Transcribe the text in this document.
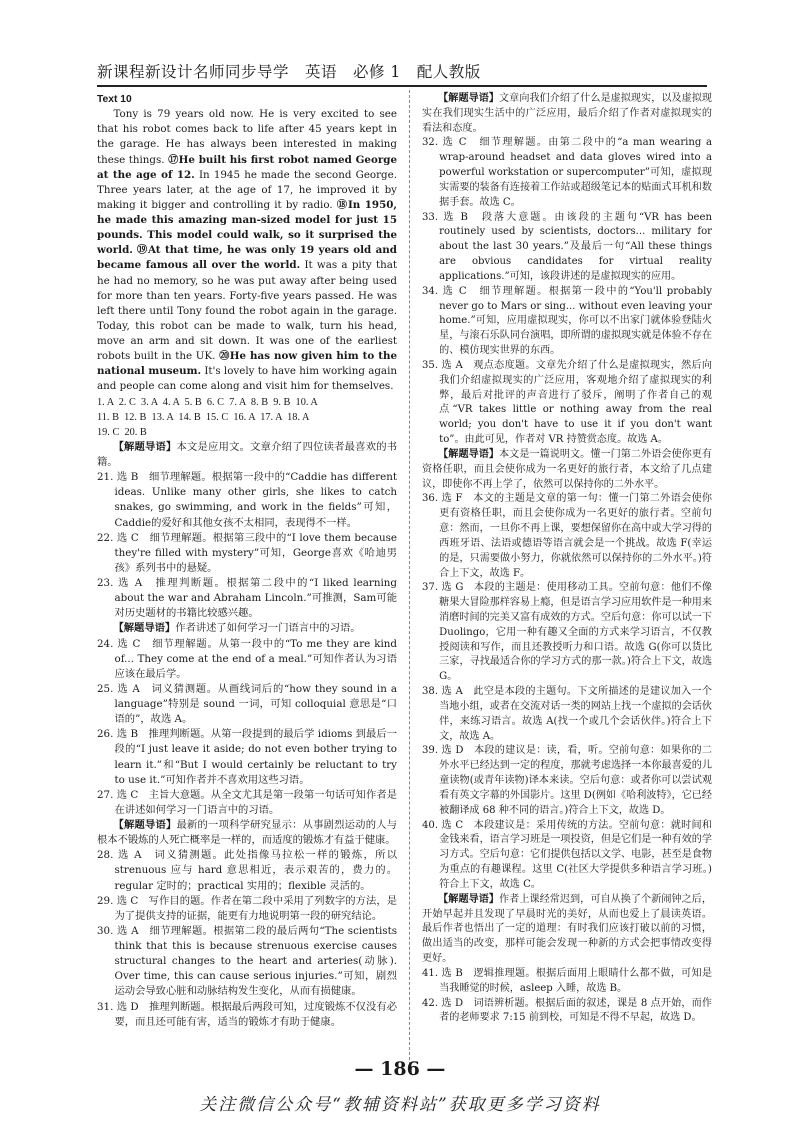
新课程新设计名师同步导学　英语　必修 1　配人教版

Text 10

Tony is 79 years old now. He is very excited to see that his robot comes back to life after 45 years kept in the garage. He has always been interested in making these things. ⑰He built his first robot named George at the age of 12. In 1945 he made the second George. Three years later, at the age of 17, he improved it by making it bigger and controlling it by radio. ⑱In 1950, he made this amazing man-sized model for just 15 pounds. This model could walk, so it surprised the world. ⑲At that time, he was only 19 years old and became famous all over the world. It was a pity that he had no memory, so he was put away after being used for more than ten years. Forty-five years passed. He was left there until Tony found the robot again in the garage. Today, this robot can be made to walk, turn his head, move an arm and sit down. It was one of the earliest robots built in the UK. ⑳He has now given him to the national museum. It's lovely to have him working again and people can come along and visit him for themselves.

1. A  2. C  3. A  4. A  5. B  6. C  7. A  8. B  9. B  10. A

11. B  12. B  13. A  14. B  15. C  16. A  17. A  18. A

19. C  20. B

【解题导语】本文是应用文。文章介绍了四位读者最喜欢的书籍。

21. 选 B　细节理解题。根据第一段中的“Caddie has different ideas. Unlike many other girls, she likes to catch snakes, go swimming, and work in the fields”可知，Caddie的爱好和其他女孩不太相同，表现得不一样。

22. 选 C　细节理解题。根据第三段中的“I love them because they're filled with mystery”可知，George喜欢《哈迪男孩》系列书中的悬疑。

23. 选 A　推理判断题。根据第二段中的“I liked learning about the war and Abraham Lincoln.”可推测，Sam可能对历史题材的书籍比较感兴趣。

【解题导语】作者讲述了如何学习一门语言中的习语。

24. 选 C　细节理解题。从第一段中的“To me they are kind of... They come at the end of a meal.”可知作者认为习语应该在最后学。

25. 选 A　词义猜测题。从画线词后的“how they sound in a language”特别是 sound 一词，可知 colloquial 意思是“口语的”，故选 A。

26. 选 B　推理判断题。从第一段提到的最后学 idioms 到最后一段的“I just leave it aside; do not even bother trying to learn it.”和“But I would certainly be reluctant to try to use it.”可知作者并不喜欢用这些习语。

27. 选 C　主旨大意题。从全文尤其是第一段第一句话可知作者是在讲述如何学习一门语言中的习语。

【解题导语】最新的一项科学研究显示：从事剧烈运动的人与根本不锻炼的人死亡概率是一样的，而适度的锻炼才有益于健康。

28. 选 A　词义猜测题。此处指像马拉松一样的锻炼，所以 strenuous 应与 hard 意思相近，表示艰苦的，费力的。regular 定时的；practical 实用的；flexible 灵活的。

29. 选 C　写作目的题。作者在第二段中采用了列数字的方法，是为了提供支持的证据，能更有力地说明第一段的研究结论。

30. 选 A　细节理解题。根据第二段的最后两句“The scientists think that this is because strenuous exercise causes structural changes to the heart and arteries(动脉). Over time, this can cause serious injuries.”可知，剧烈运动会导致心脏和动脉结构发生变化，从而有损健康。

31. 选 D　推理判断题。根据最后两段可知，过度锻炼不仅没有必要，而且还可能有害，适当的锻炼才有助于健康。

【解题导语】文章向我们介绍了什么是虚拟现实，以及虚拟现实在我们现实生活中的广泛应用，最后介绍了作者对虚拟现实的看法和态度。

32. 选 C　细节理解题。由第二段中的“a man wearing a wrap-around headset and data gloves wired into a powerful workstation or supercomputer”可知，虚拟现实需要的装备有连接着工作站或超级笔记本的贴面式耳机和数据手套。故选 C。

33. 选 B　段落大意题。由该段的主题句“VR has been routinely used by scientists, doctors... military for about the last 30 years.”及最后一句“All these things are obvious candidates for virtual reality applications.”可知，该段讲述的是虚拟现实的应用。

34. 选 C　细节理解题。根据第一段中的“You'll probably never go to Mars or sing... without even leaving your home.”可知，应用虚拟现实，你可以不出家门就体验登陆火星，与滚石乐队同台演唱，即所谓的虚拟现实就是体验不存在的、模仿现实世界的东西。

35. 选 A　观点态度题。文章先介绍了什么是虚拟现实，然后向我们介绍虚拟现实的广泛应用，客观地介绍了虚拟现实的利弊，最后对批评的声音进行了驳斥，阐明了作者自己的观点“VR takes little or nothing away from the real world; you don't have to use it if you don't want to”。由此可见，作者对 VR 持赞赏态度。故选 A。

【解题导语】本文是一篇说明文。懂一门第二外语会使你更有资格任职，而且会使你成为一名更好的旅行者，本文给了几点建议，即使你不再上学了，依然可以保持你的二外水平。

36. 选 F　本文的主题是文章的第一句：懂一门第二外语会使你更有资格任职，而且会使你成为一名更好的旅行者。空前句意：然而，一旦你不再上课，要想保留你在高中或大学习得的西班牙语、法语或德语等语言就会是一个挑战。故选 F(幸运的是，只需要做小努力，你就依然可以保持你的二外水平。)符合上下文，故选 F。

37. 选 G　本段的主题是：使用移动工具。空前句意：他们不像糖果大冒险那样容易上瘾，但是语言学习应用软件是一种用来消磨时间的完美又富有成效的方式。空后句意：你可以试一下 Duolingo，它用一种有趣又全面的方式来学习语言，不仅教授阅读和写作，而且还教授听力和口语。故选 G(你可以货比三家，寻找最适合你的学习方式的那一款。)符合上下文，故选 G。

38. 选 A　此空是本段的主题句。下文所描述的是建议加入一个当地小组，或者在交流对话一类的网站上找一个虚拟的会话伙伴，来练习语言。故选 A(找一个或几个会话伙伴。)符合上下文，故选 A。

39. 选 D　本段的建议是：读，看，听。空前句意：如果你的二外水平已经达到一定的程度，那就考虑选择一本你最喜爱的儿童读物(或青年读物)译本来读。空后句意：或者你可以尝试观看有英文字幕的外国影片。这里 D(例如《哈利波特》，它已经被翻译成 68 种不同的语言。)符合上下文，故选 D。

40. 选 C　本段建议是：采用传统的方法。空前句意：就时间和金钱来看，语言学习班是一项投资，但是它们是一种有效的学习方式。空后句意：它们提供包括以文学、电影，甚至是食物为重点的有趣课程。这里 C(社区大学提供多种语言学习班。)符合上下文，故选 C。

【解题导语】作者上课经常迟到，可自从换了个新闹钟之后，开始早起并且发现了早晨时光的美好，从而也爱上了晨读英语。最后作者也悟出了一定的道理：有时我们应该打破以前的习惯，做出适当的改变，那样可能会发现一种新的方式会把事情改变得更好。

41. 选 B　逻辑推理题。根据后面用上眼睛什么都不做，可知是当我睡觉的时候，asleep 入睡，故选 B。

42. 选 D　词语辨析题。根据后面的叙述，课是 8 点开始，而作者的老师要求 7:15 前到校，可知是不得不早起，故选 D。

— 186 —
关注微信公众号“教辅资料站”获取更多学习资料
